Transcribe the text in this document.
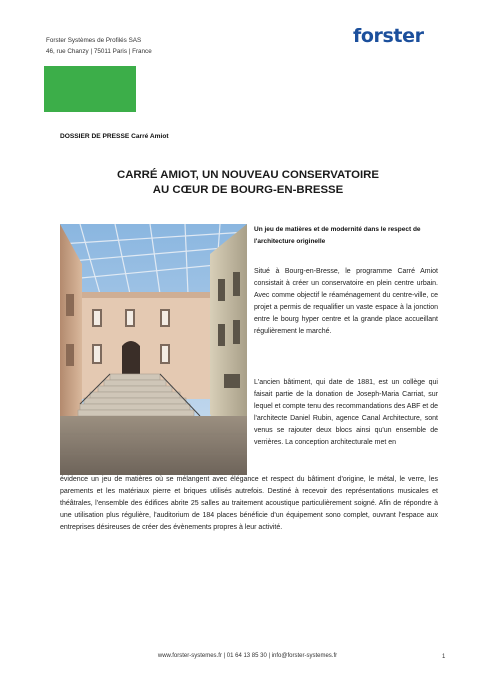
Forster Systèmes de Profilés SAS
46, rue Chanzy | 75011 Paris | France
forster
DOSSIER DE PRESSE Carré Amiot
CARRÉ AMIOT, UN NOUVEAU CONSERVATOIRE
AU CŒUR DE BOURG-EN-BRESSE
Un jeu de matières et de modernité dans le respect de l'architecture originelle
Situé à Bourg-en-Bresse, le programme Carré Amiot consistait à créer un conservatoire en plein centre urbain. Avec comme objectif le réaménagement du centre-ville, ce projet a permis de requalifier un vaste espace à la jonction entre le bourg hyper centre et la grande place accueillant régulièrement le marché.
L'ancien bâtiment, qui date de 1881, est un collège qui faisait partie de la donation de Joseph-Maria Carriat, sur lequel et compte tenu des recommandations des ABF et de l'architecte Daniel Rubin, agence Canal Architecture, sont venus se rajouter deux blocs ainsi qu'un ensemble de verrières. La conception architecturale met en
évidence un jeu de matières où se mélangent avec élégance et respect du bâtiment d'origine, le métal, le verre, les parements et les matériaux pierre et briques utilisés autrefois. Destiné à recevoir des représentations musicales et théâtrales, l'ensemble des édifices abrite 25 salles au traitement acoustique particulièrement soigné. Afin de répondre à une utilisation plus régulière, l'auditorium de 184 places bénéficie d'un équipement sono complet, ouvrant l'espace aux entreprises désireuses de créer des évènements propres à leur activité.
www.forster-systemes.fr | 01 64 13 85 30 | info@forster-systemes.fr	1
